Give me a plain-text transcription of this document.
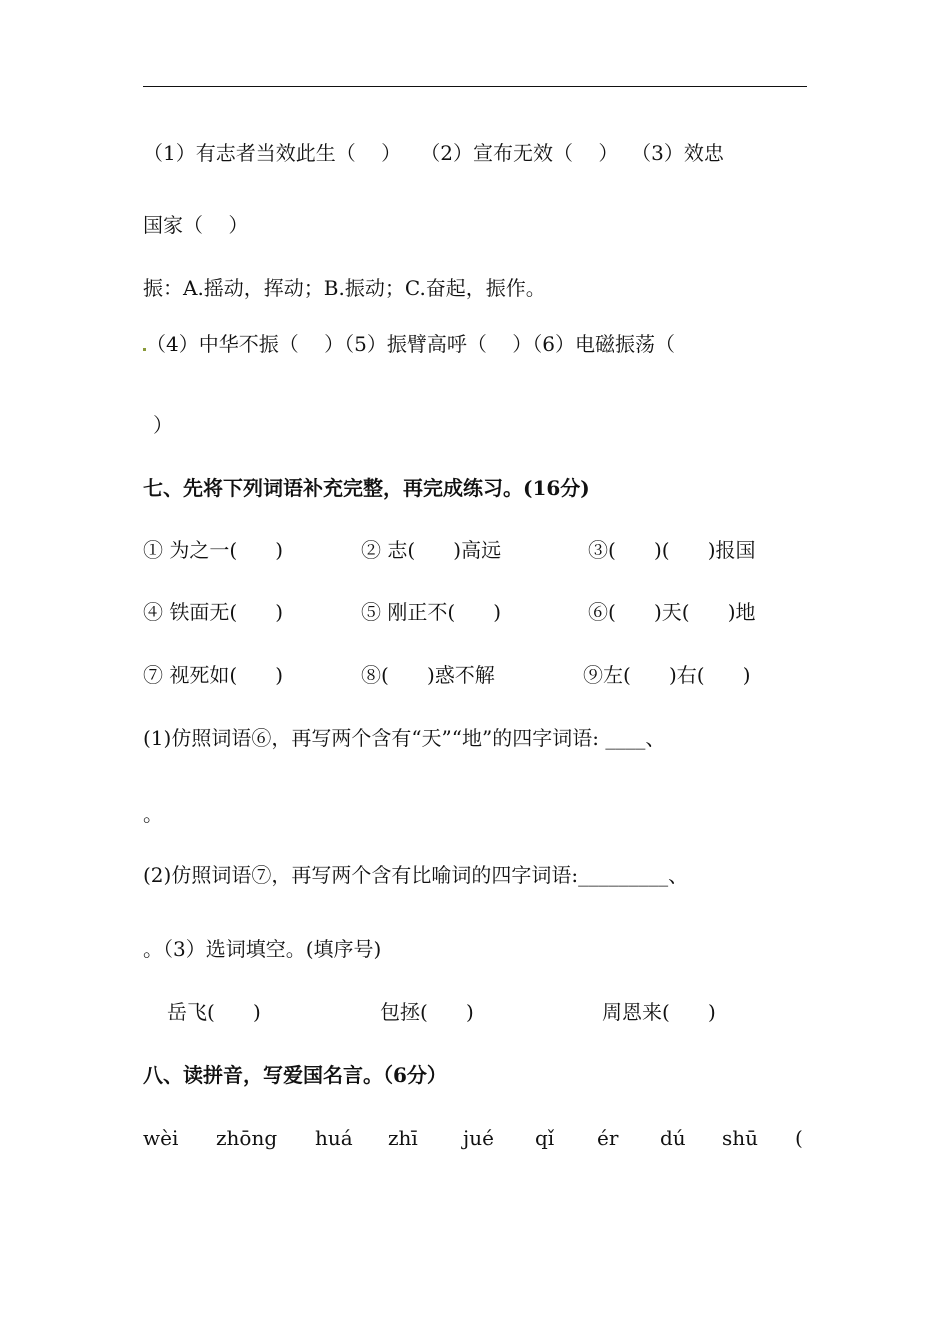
（1）有志者当效此生（    ）   （2）宣布无效（    ）  （3）效忠
国家（    ）
振：A.摇动，挥动；B.振动；C.奋起，振作。
（4）中华不振（    ）（5）振臂高呼（    ）（6）电磁振荡（
）
七、先将下列词语补充完整，再完成练习。(16分)
① 为之一(      )	② 志(      )高远	③(      )(      )报国
④ 铁面无(      )	⑤ 刚正不(      )	⑥(      )天(      )地
⑦ 视死如(      )	⑧(      )惑不解	⑨左(      )右(      )
(1)仿照词语⑥，再写两个含有“天”“地”的四字词语: ____、
。
(2)仿照词语⑦，再写两个含有比喻词的四字词语:_________、
。（3）选词填空。(填序号)
岳飞(      )	包拯(      )	周恩来(      )
八、读拼音，写爱国名言。（6分）
wèi zhōng huá zhī jué qǐ ér dú shū (
